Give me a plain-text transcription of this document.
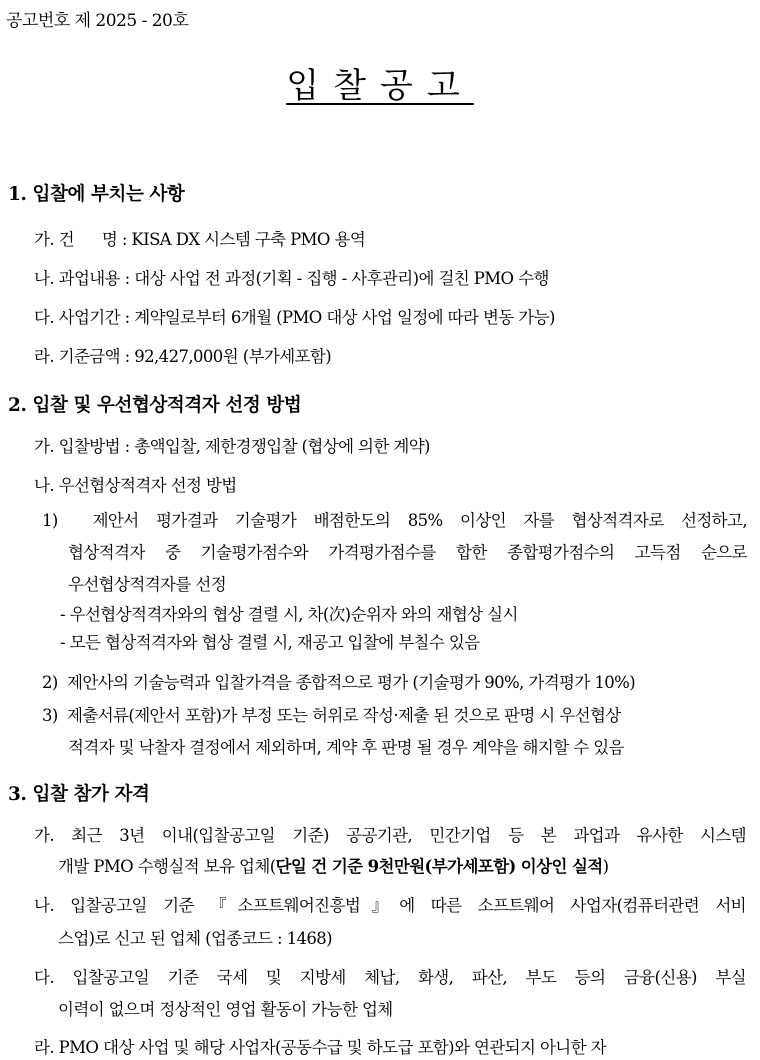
공고번호 제 2025 - 20호
입찰공고
1. 입찰에 부치는 사항
가. 건      명 : KISA DX 시스템 구축 PMO 용역
나. 과업내용 : 대상 사업 전 과정(기획 - 집행 - 사후관리)에 걸친 PMO 수행
다. 사업기간 : 계약일로부터 6개월 (PMO 대상 사업 일정에 따라 변동 가능)
라. 기준금액 : 92,427,000원 (부가세포함)
2. 입찰 및 우선협상적격자 선정 방법
가. 입찰방법 : 총액입찰, 제한경쟁입찰 (협상에 의한 계약)
나. 우선협상적격자 선정 방법
1)  제안서 평가결과 기술평가 배점한도의 85% 이상인 자를 협상적격자로 선정하고,
협상적격자 중 기술평가점수와 가격평가점수를 합한 종합평가점수의 고득점 순으로
우선협상적격자를 선정
- 우선협상적격자와의 협상 결렬 시, 차(次)순위자 와의 재협상 실시
- 모든 협상적격자와 협상 결렬 시, 재공고 입찰에 부칠수 있음
2)  제안사의 기술능력과 입찰가격을 종합적으로 평가 (기술평가 90%, 가격평가 10%)
3)  제출서류(제안서 포함)가 부정 또는 허위로 작성·제출 된 것으로 판명 시 우선협상
적격자 및 낙찰자 결정에서 제외하며, 계약 후 판명 될 경우 계약을 해지할 수 있음
3. 입찰 참가 자격
가. 최근 3년 이내(입찰공고일 기준) 공공기관, 민간기업 등 본 과업과 유사한 시스템
개발 PMO 수행실적 보유 업체(단일 건 기준 9천만원(부가세포함) 이상인 실적)
나. 입찰공고일 기준 『소프트웨어진흥법』에 따른 소프트웨어 사업자(컴퓨터관련 서비
스업)로 신고 된 업체 (업종코드 : 1468)
다. 입찰공고일 기준 국세 및 지방세 체납, 화생, 파산, 부도 등의 금융(신용) 부실
이력이 없으며 정상적인 영업 활동이 가능한 업체
라. PMO 대상 사업 및 해당 사업자(공동수급 및 하도급 포함)와 연관되지 아니한 자
